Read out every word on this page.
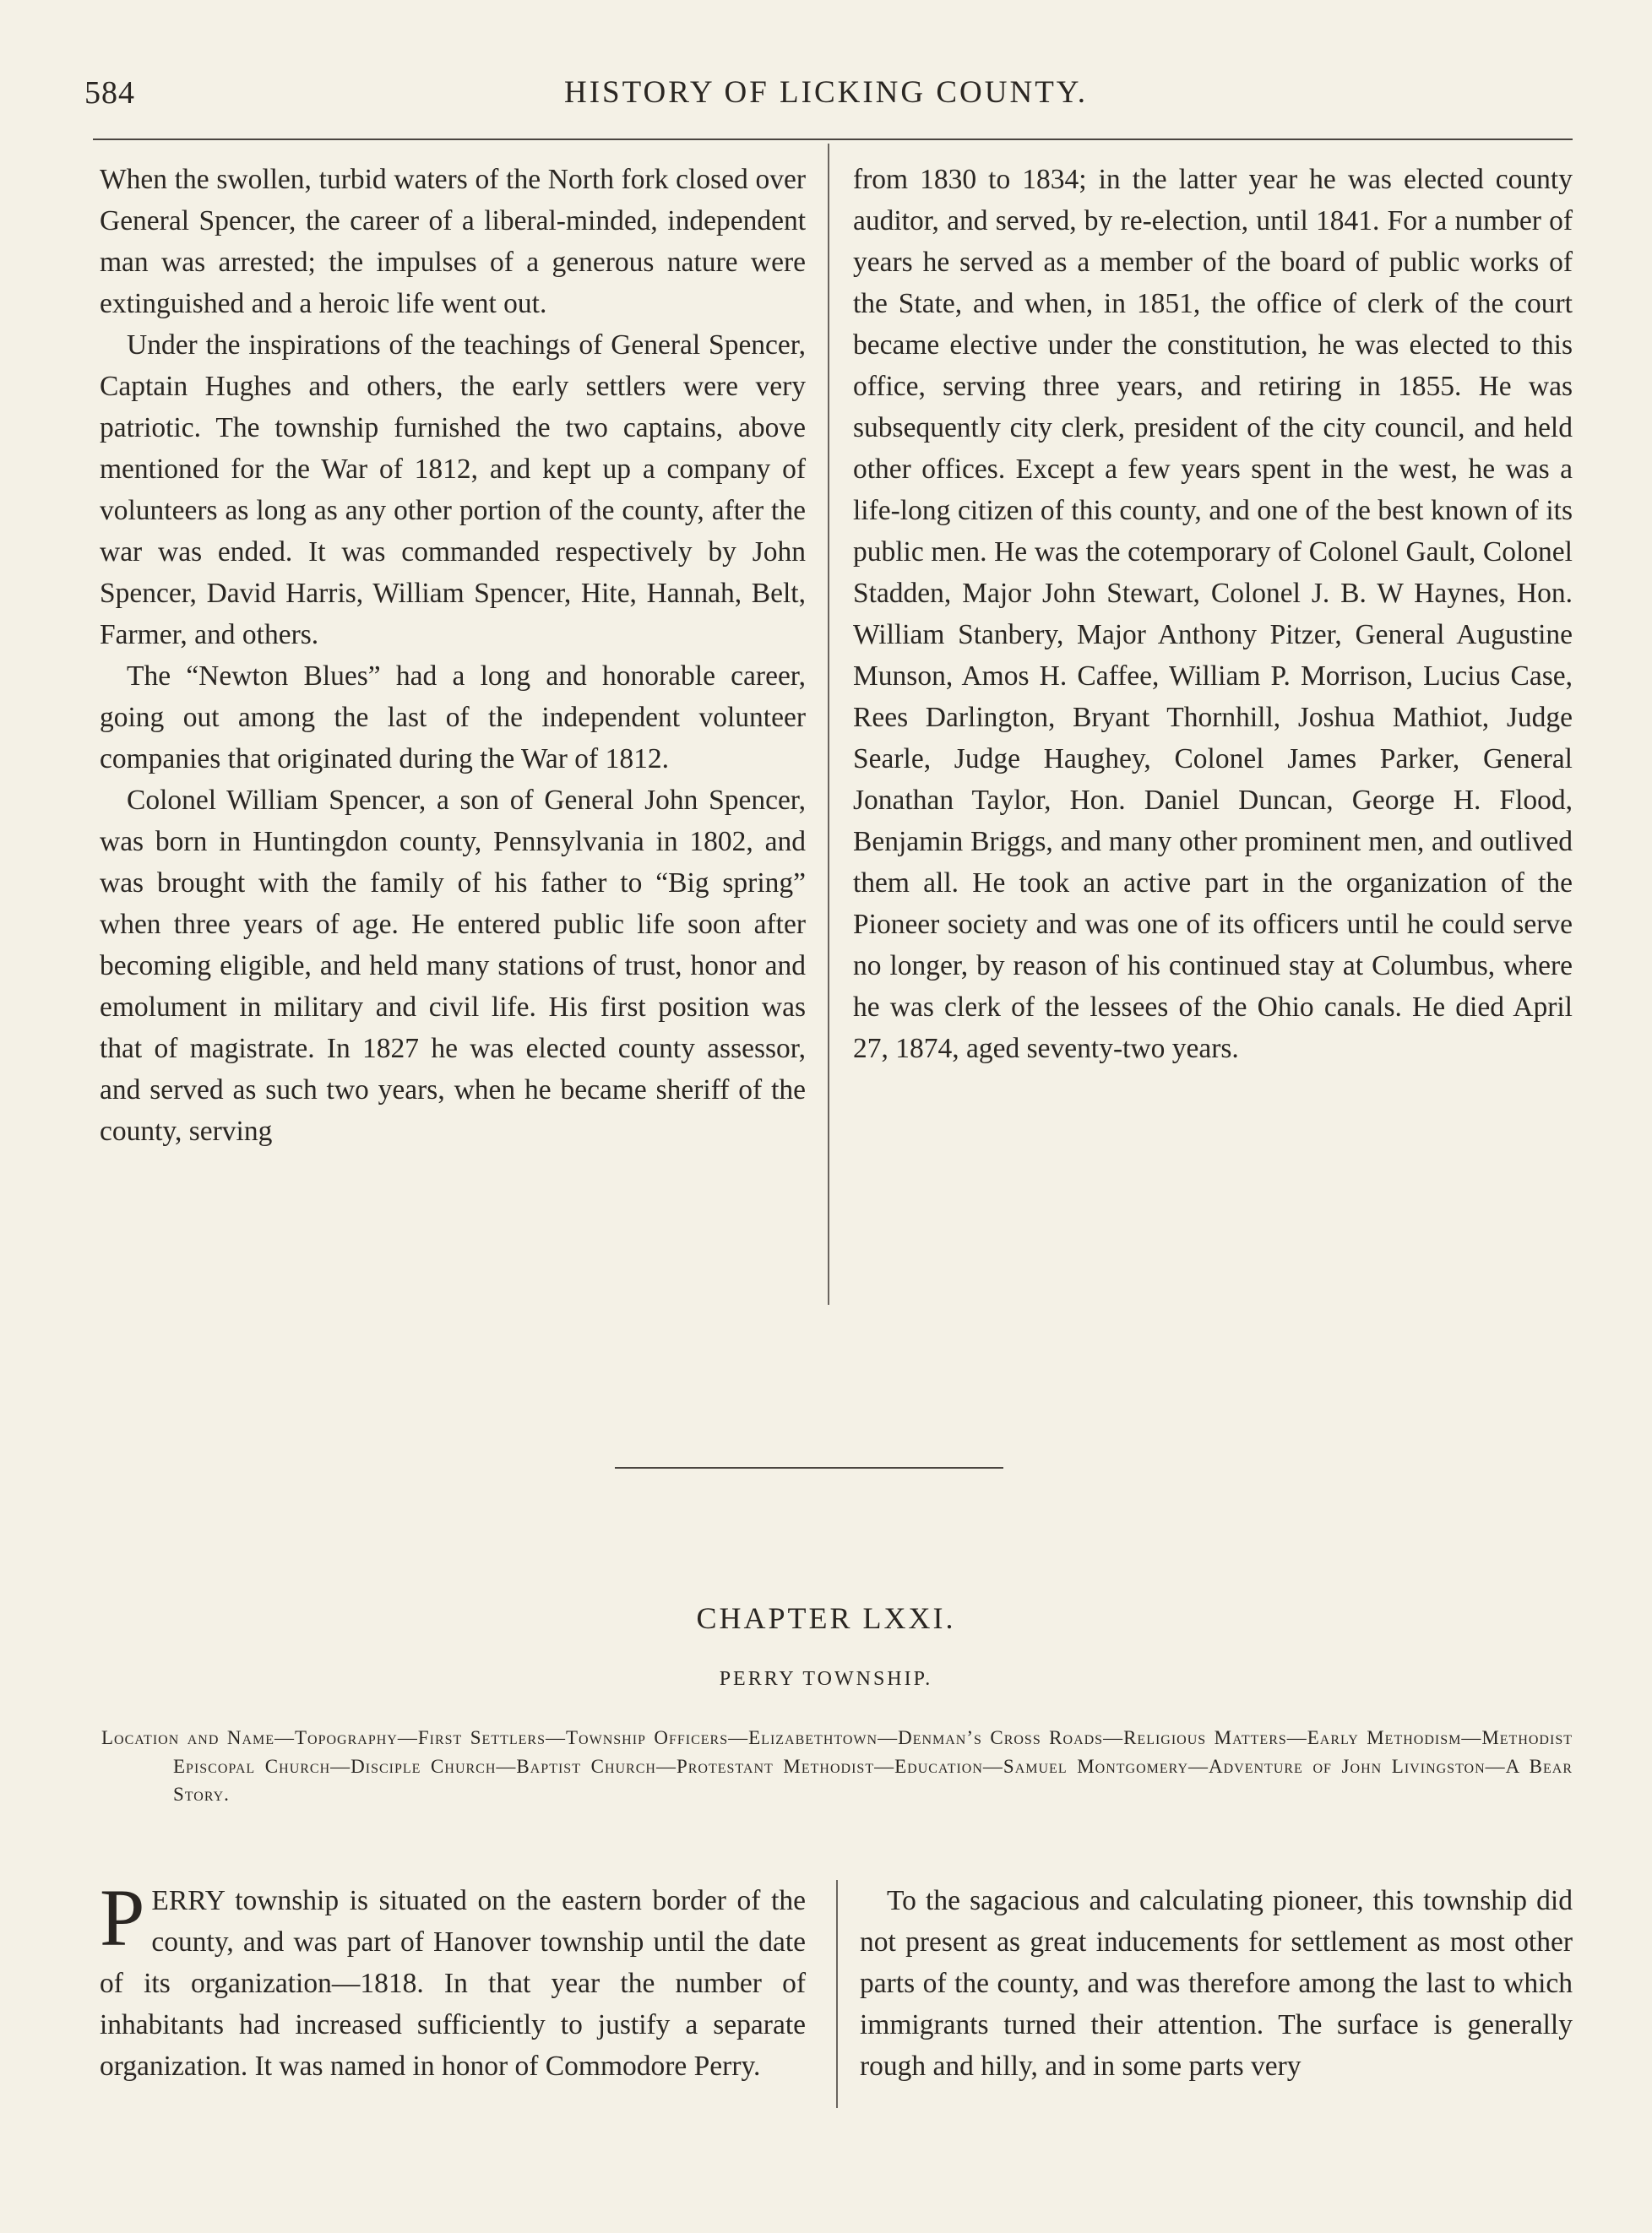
584	HISTORY OF LICKING COUNTY.

When the swollen, turbid waters of the North fork closed over General Spencer, the career of a liberal-minded, independent man was arrested; the impulses of a generous nature were extinguished and a heroic life went out.

Under the inspirations of the teachings of General Spencer, Captain Hughes and others, the early settlers were very patriotic. The township furnished the two captains, above mentioned for the War of 1812, and kept up a company of volunteers as long as any other portion of the county, after the war was ended. It was commanded respectively by John Spencer, David Harris, William Spencer, Hite, Hannah, Belt, Farmer, and others.

The “Newton Blues” had a long and honorable career, going out among the last of the independent volunteer companies that originated during the War of 1812.

Colonel William Spencer, a son of General John Spencer, was born in Huntingdon county, Pennsylvania in 1802, and was brought with the family of his father to “Big spring” when three years of age. He entered public life soon after becoming eligible, and held many stations of trust, honor and emolument in military and civil life. His first position was that of magistrate. In 1827 he was elected county assessor, and served as such two years, when he became sheriff of the county, serving

from 1830 to 1834; in the latter year he was elected county auditor, and served, by re-election, until 1841. For a number of years he served as a member of the board of public works of the State, and when, in 1851, the office of clerk of the court became elective under the constitution, he was elected to this office, serving three years, and retiring in 1855. He was subsequently city clerk, president of the city council, and held other offices. Except a few years spent in the west, he was a life-long citizen of this county, and one of the best known of its public men. He was the cotemporary of Colonel Gault, Colonel Stadden, Major John Stewart, Colonel J. B. W Haynes, Hon. William Stanbery, Major Anthony Pitzer, General Augustine Munson, Amos H. Caffee, William P. Morrison, Lucius Case, Rees Darlington, Bryant Thornhill, Joshua Mathiot, Judge Searle, Judge Haughey, Colonel James Parker, General Jonathan Taylor, Hon. Daniel Duncan, George H. Flood, Benjamin Briggs, and many other prominent men, and outlived them all. He took an active part in the organization of the Pioneer society and was one of its officers until he could serve no longer, by reason of his continued stay at Columbus, where he was clerk of the lessees of the Ohio canals. He died April 27, 1874, aged seventy-two years.

CHAPTER LXXI.
PERRY TOWNSHIP.
Location and Name—Topography—First Settlers—Township Officers—Elizabethtown—Denman’s Cross Roads—Religious Matters—Early Methodism—Methodist Episcopal Church—Disciple Church—Baptist Church—Protestant Methodist—Education—Samuel Montgomery—Adventure of John Livingston—A Bear Story.

P ERRY township is situated on the eastern border of the county, and was part of Hanover township until the date of its organization—1818. In that year the number of inhabitants had increased sufficiently to justify a separate organization. It was named in honor of Commodore Perry.

To the sagacious and calculating pioneer, this township did not present as great inducements for settlement as most other parts of the county, and was therefore among the last to which immigrants turned their attention. The surface is generally rough and hilly, and in some parts very
